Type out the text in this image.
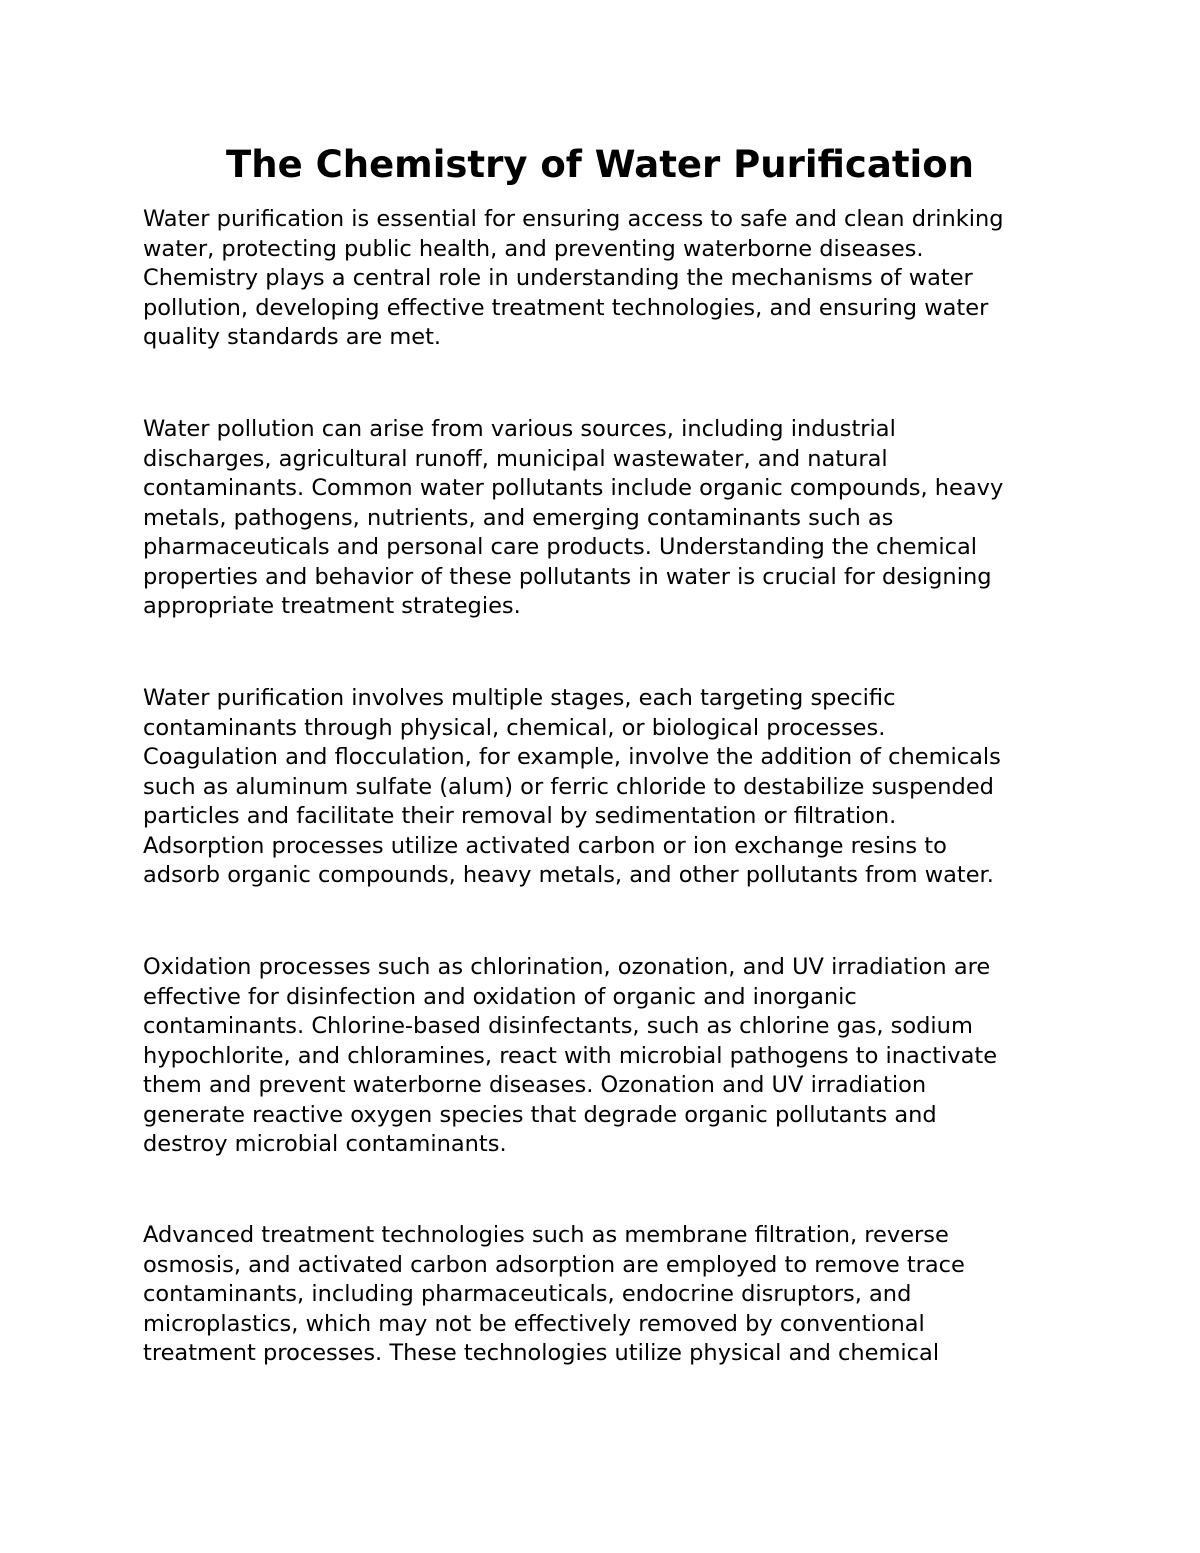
The Chemistry of Water Purification

Water purification is essential for ensuring access to safe and clean drinking
water, protecting public health, and preventing waterborne diseases.
Chemistry plays a central role in understanding the mechanisms of water
pollution, developing effective treatment technologies, and ensuring water
quality standards are met.

Water pollution can arise from various sources, including industrial
discharges, agricultural runoff, municipal wastewater, and natural
contaminants. Common water pollutants include organic compounds, heavy
metals, pathogens, nutrients, and emerging contaminants such as
pharmaceuticals and personal care products. Understanding the chemical
properties and behavior of these pollutants in water is crucial for designing
appropriate treatment strategies.

Water purification involves multiple stages, each targeting specific
contaminants through physical, chemical, or biological processes.
Coagulation and flocculation, for example, involve the addition of chemicals
such as aluminum sulfate (alum) or ferric chloride to destabilize suspended
particles and facilitate their removal by sedimentation or filtration.
Adsorption processes utilize activated carbon or ion exchange resins to
adsorb organic compounds, heavy metals, and other pollutants from water.

Oxidation processes such as chlorination, ozonation, and UV irradiation are
effective for disinfection and oxidation of organic and inorganic
contaminants. Chlorine-based disinfectants, such as chlorine gas, sodium
hypochlorite, and chloramines, react with microbial pathogens to inactivate
them and prevent waterborne diseases. Ozonation and UV irradiation
generate reactive oxygen species that degrade organic pollutants and
destroy microbial contaminants.

Advanced treatment technologies such as membrane filtration, reverse
osmosis, and activated carbon adsorption are employed to remove trace
contaminants, including pharmaceuticals, endocrine disruptors, and
microplastics, which may not be effectively removed by conventional
treatment processes. These technologies utilize physical and chemical
